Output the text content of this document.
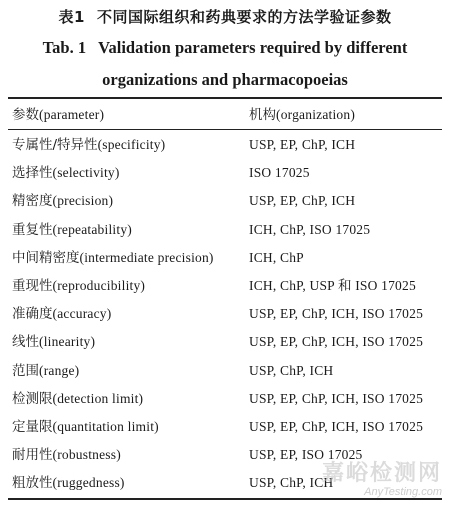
表1 不同国际组织和药典要求的方法学验证参数
Tab. 1 Validation parameters required by different
organizations and pharmacopoeias
参数(parameter)	机构(organization)
专属性/特异性(specificity)	USP, EP, ChP, ICH
选择性(selectivity)	ISO 17025
精密度(precision)	USP, EP, ChP, ICH
重复性(repeatability)	ICH, ChP, ISO 17025
中间精密度(intermediate precision)	ICH, ChP
重现性(reproducibility)	ICH, ChP, USP 和 ISO 17025
准确度(accuracy)	USP, EP, ChP, ICH, ISO 17025
线性(linearity)	USP, EP, ChP, ICH, ISO 17025
范围(range)	USP, ChP, ICH
检测限(detection limit)	USP, EP, ChP, ICH, ISO 17025
定量限(quantitation limit)	USP, EP, ChP, ICH, ISO 17025
耐用性(robustness)	USP, EP, ISO 17025
粗放性(ruggedness)	USP, ChP, ICH
嘉峪检测网
AnyTesting.com
